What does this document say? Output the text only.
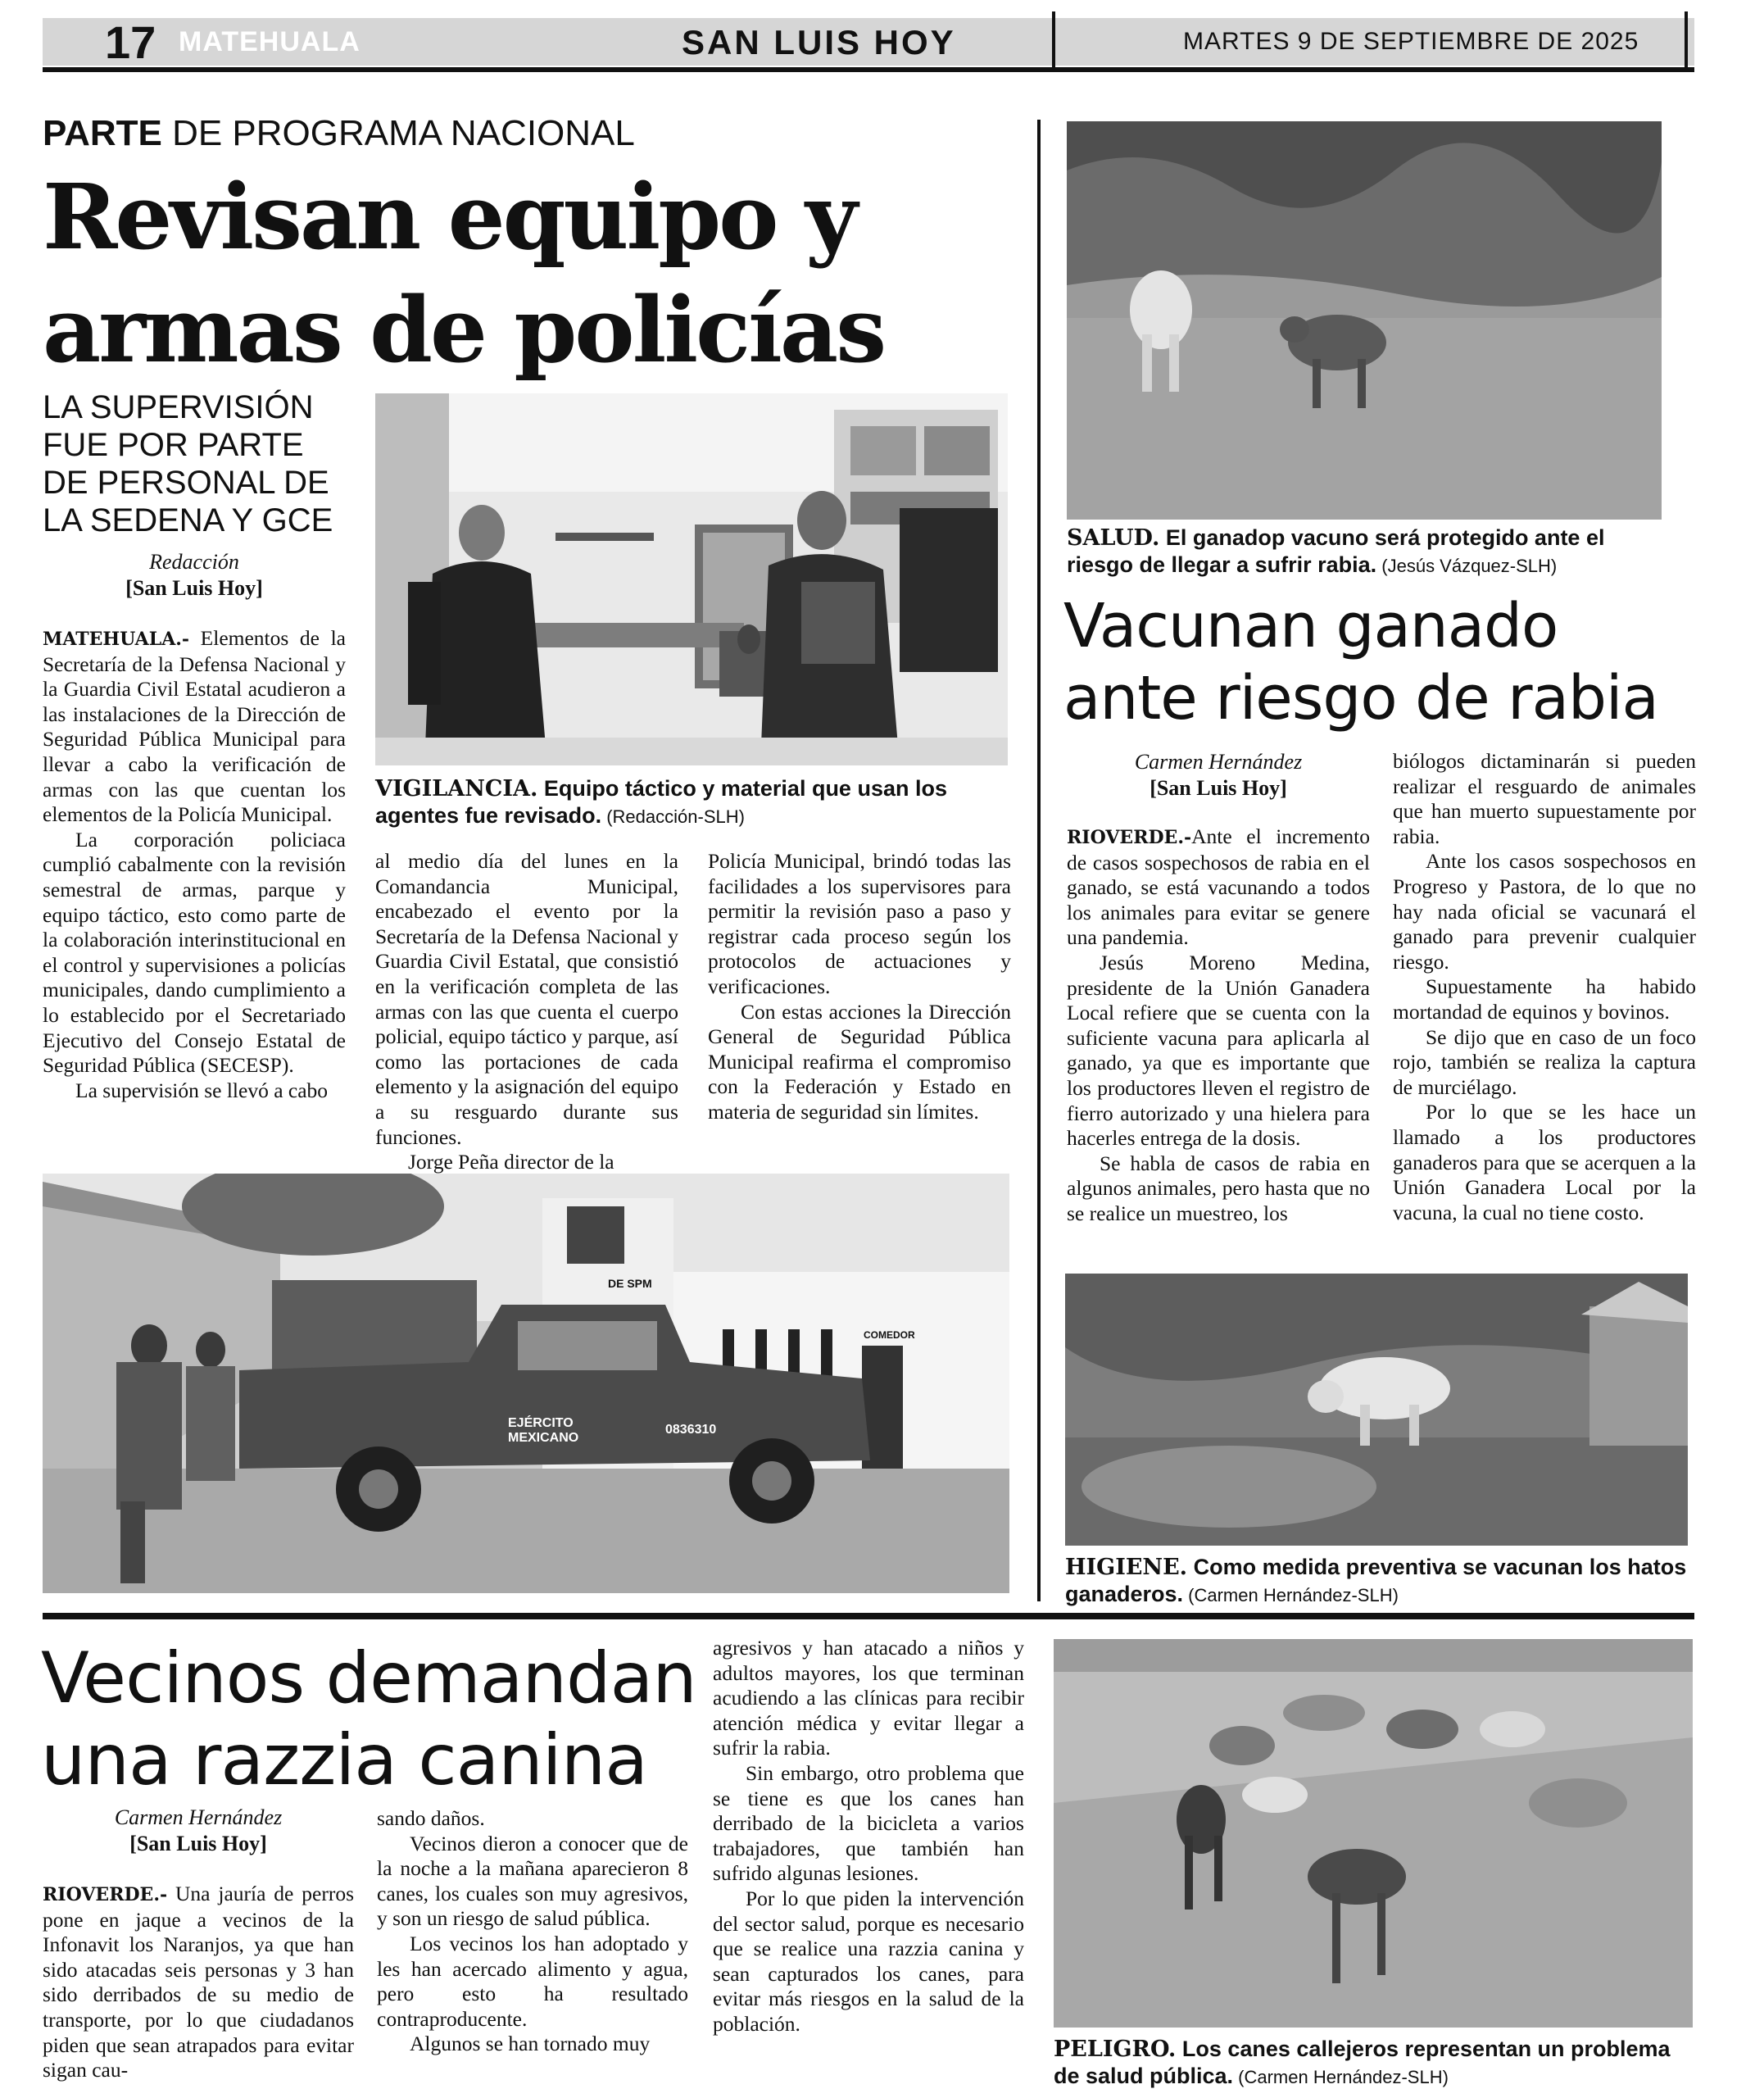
17 MATEHUALA	SAN LUIS HOY	MARTES 9 DE SEPTIEMBRE DE 2025
PARTE DE PROGRAMA NACIONAL
Revisan equipo y
armas de policías
LA SUPERVISIÓN FUE POR PARTE DE PERSONAL DE LA SEDENA Y GCE
Redacción
[San Luis Hoy]
VIGILANCIA. Equipo táctico y material que usan los agentes fue revisado. (Redacción-SLH)

MATEHUALA.- Elementos de la Secretaría de la Defensa Nacional y la Guardia Civil Estatal acudieron a las instalaciones de la Dirección de Seguridad Pública Municipal para llevar a cabo la verificación de armas con las que cuentan los elementos de la Policía Municipal.

La corporación policiaca cumplió cabalmente con la revisión semestral de armas, parque y equipo táctico, esto como parte de la colaboración interinstitucional en el control y supervisiones a policías municipales, dando cumplimiento a lo establecido por el Secretariado Ejecutivo del Consejo Estatal de Seguridad Pública (SECESP).

La supervisión se llevó a cabo

al medio día del lunes en la Comandancia Municipal, encabezado el evento por la Secretaría de la Defensa Nacional y Guardia Civil Estatal, que consistió en la verificación completa de las armas con las que cuenta el cuerpo policial, equipo táctico y parque, así como las portaciones de cada elemento y la asignación del equipo a su resguardo durante sus funciones.

Jorge Peña director de la

Policía Municipal, brindó todas las facilidades a los supervisores para permitir la revisión paso a paso y registrar cada proceso según los protocolos de actuaciones y verificaciones.

Con estas acciones la Dirección General de Seguridad Pública Municipal reafirma el compromiso con la Federación y Estado en materia de seguridad sin límites.

EJÉRCITO MEXICANO
0836310
DE SPM
COMEDOR
SALUD. El ganadop vacuno será protegido ante el riesgo de llegar a sufrir rabia. (Jesús Vázquez-SLH)
Vacunan ganado
ante riesgo de rabia
Carmen Hernández
[San Luis Hoy]

RIOVERDE.-Ante el incremento de casos sospechosos de rabia en el ganado, se está vacunando a todos los animales para evitar se genere una pandemia.

Jesús Moreno Medina, presidente de la Unión Ganadera Local refiere que se cuenta con la suficiente vacuna para aplicarla al ganado, ya que es importante que los productores lleven el registro de fierro autorizado y una hielera para hacerles entrega de la dosis.

Se habla de casos de rabia en algunos animales, pero hasta que no se realice un muestreo, los

biólogos dictaminarán si pueden realizar el resguardo de animales que han muerto supuestamente por rabia.

Ante los casos sospechosos en Progreso y Pastora, de lo que no hay nada oficial se vacunará el ganado para prevenir cualquier riesgo.

Supuestamente ha habido mortandad de equinos y bovinos.

Se dijo que en caso de un foco rojo, también se realiza la captura de murciélago.

Por lo que se les hace un llamado a los productores ganaderos para que se acerquen a la Unión Ganadera Local por la vacuna, la cual no tiene costo.

HIGIENE. Como medida preventiva se vacunan los hatos ganaderos. (Carmen Hernández-SLH)
Vecinos demandan
una razzia canina
Carmen Hernández
[San Luis Hoy]

RIOVERDE.- Una jauría de perros pone en jaque a vecinos de la Infonavit los Naranjos, ya que han sido atacadas seis personas y 3 han sido derribados de su medio de transporte, por lo que ciudadanos piden que sean atrapados para evitar sigan cau-

sando daños.

Vecinos dieron a conocer que de la noche a la mañana aparecieron 8 canes, los cuales son muy agresivos, y son un riesgo de salud pública.

Los vecinos los han adoptado y les han acercado alimento y agua, pero esto ha resultado contraproducente.

Algunos se han tornado muy

agresivos y han atacado a niños y adultos mayores, los que terminan acudiendo a las clínicas para recibir atención médica y evitar llegar a sufrir la rabia.

Sin embargo, otro problema que se tiene es que los canes han derribado de la bicicleta a varios trabajadores, que también han sufrido algunas lesiones.

Por lo que piden la intervención del sector salud, porque es necesario que se realice una razzia canina y sean capturados los canes, para evitar más riesgos en la salud de la población.

PELIGRO. Los canes callejeros representan un problema de salud pública. (Carmen Hernández-SLH)
